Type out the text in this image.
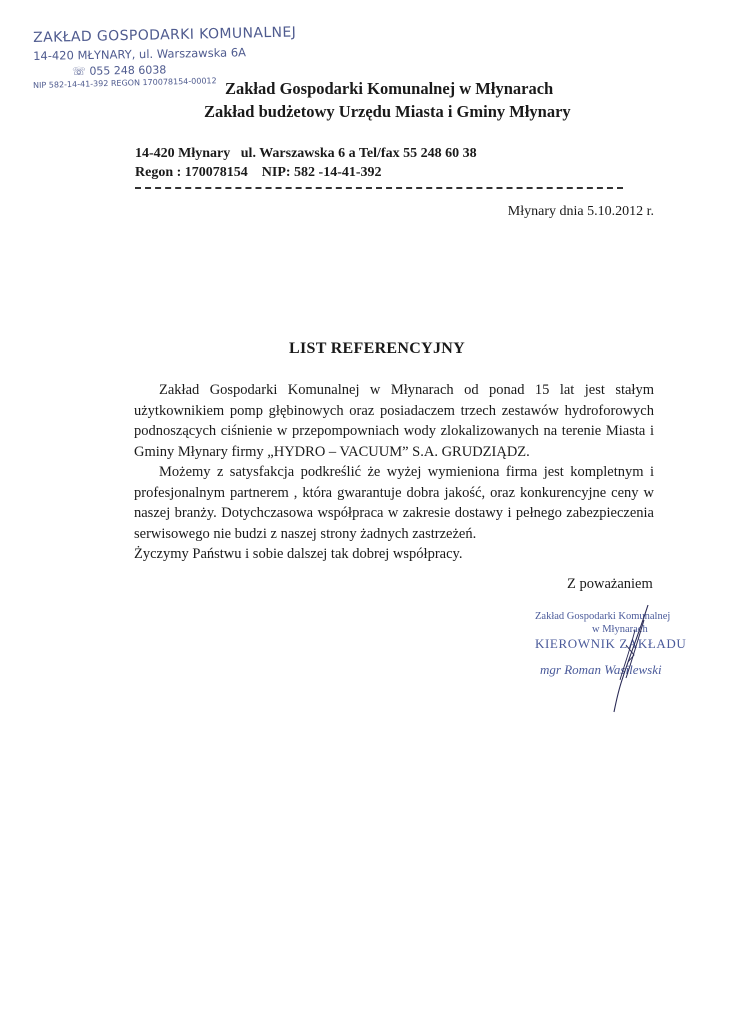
ZAKŁAD GOSPODARKI KOMUNALNEJ
14-420 MŁYNARY, ul. Warszawska 6A
☏ 055 248 6038
NIP 582-14-41-392 REGON 170078154-00012 Zakład Gospodarki Komunalnej w Młynarach
Zakład budżetowy Urzędu Miasta i Gminy Młynary
14-420 Młynary   ul. Warszawska 6 a Tel/fax 55 248 60 38
Regon : 170078154    NIP: 582 -14-41-392
Młynary dnia 5.10.2012 r.
LIST REFERENCYJNY

Zakład Gospodarki Komunalnej w Młynarach od ponad 15 lat jest stałym użytkownikiem pomp głębinowych oraz posiadaczem trzech zestawów hydroforowych podnoszących ciśnienie w przepompowniach wody zlokalizowanych na terenie Miasta i Gminy Młynary firmy „HYDRO – VACUUM” S.A. GRUDZIĄDZ.

Możemy z satysfakcja podkreślić że wyżej wymieniona firma jest kompletnym i profesjonalnym partnerem , która gwarantuje dobra jakość, oraz konkurencyjne ceny w naszej branży. Dotychczasowa współpraca w zakresie dostawy i pełnego zabezpieczenia serwisowego nie budzi z naszej strony żadnych zastrzeżeń.

Życzymy Państwu i sobie dalszej tak dobrej współpracy.

Z poważaniem
Zakład Gospodarki Komunalnej
w Młynarach
KIEROWNIK ZAKŁADU
mgr Roman Wasilewski
